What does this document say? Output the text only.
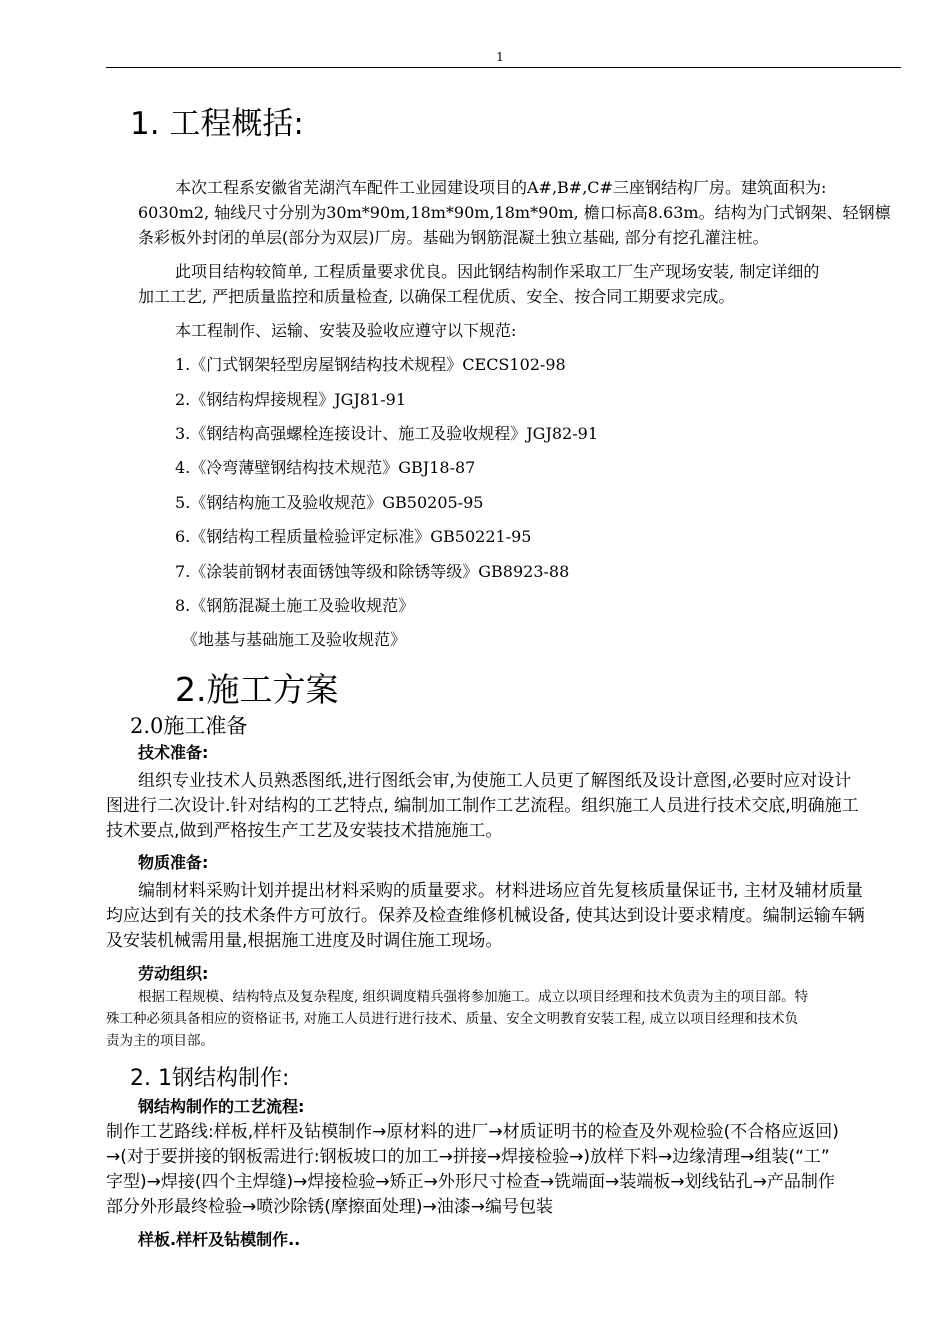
1
1. 工程概括:
本次工程系安徽省芜湖汽车配件工业园建设项目的A#,B#,C#三座钢结构厂房。建筑面积为:
6030m2, 轴线尺寸分别为30m*90m,18m*90m,18m*90m, 檐口标高8.63m。结构为门式钢架、轻钢檩
条彩板外封闭的单层(部分为双层)厂房。基础为钢筋混凝土独立基础, 部分有挖孔灌注桩。
此项目结构较简单, 工程质量要求优良。因此钢结构制作采取工厂生产现场安装, 制定详细的
加工工艺, 严把质量监控和质量检查, 以确保工程优质、安全、按合同工期要求完成。
本工程制作、运输、安装及验收应遵守以下规范:
1.《门式钢架轻型房屋钢结构技术规程》CECS102-98
2.《钢结构焊接规程》JGJ81-91
3.《钢结构高强螺栓连接设计、施工及验收规程》JGJ82-91
4.《冷弯薄壁钢结构技术规范》GBJ18-87
5.《钢结构施工及验收规范》GB50205-95
6.《钢结构工程质量检验评定标准》GB50221-95
7.《涂装前钢材表面锈蚀等级和除锈等级》GB8923-88
8.《钢筋混凝土施工及验收规范》
《地基与基础施工及验收规范》
2.施工方案
2.0施工准备
技术准备:
组织专业技术人员熟悉图纸,进行图纸会审,为使施工人员更了解图纸及设计意图,必要时应对设计
图进行二次设计.针对结构的工艺特点, 编制加工制作工艺流程。组织施工人员进行技术交底,明确施工
技术要点,做到严格按生产工艺及安装技术措施施工。
物质准备:
编制材料采购计划并提出材料采购的质量要求。材料进场应首先复核质量保证书, 主材及辅材质量
均应达到有关的技术条件方可放行。保养及检查维修机械设备, 使其达到设计要求精度。编制运输车辆
及安装机械需用量,根据施工进度及时调住施工现场。
劳动组织:
根据工程规模、结构特点及复杂程度, 组织调度精兵强将参加施工。成立以项目经理和技术负责为主的项目部。特
殊工种必须具备相应的资格证书, 对施工人员进行进行技术、质量、安全文明教育安装工程, 成立以项目经理和技术负
责为主的项目部。
2. 1钢结构制作:
钢结构制作的工艺流程:
制作工艺路线:样板,样杆及钻模制作→原材料的进厂→材质证明书的检查及外观检验(不合格应返回)
→(对于要拼接的钢板需进行:钢板坡口的加工→拼接→焊接检验→)放样下料→边缘清理→组装(“工”
字型)→焊接(四个主焊缝)→焊接检验→矫正→外形尺寸检查→铣端面→装端板→划线钻孔→产品制作
部分外形最终检验→喷沙除锈(摩擦面处理)→油漆→编号包装
样板.样杆及钻模制作..
